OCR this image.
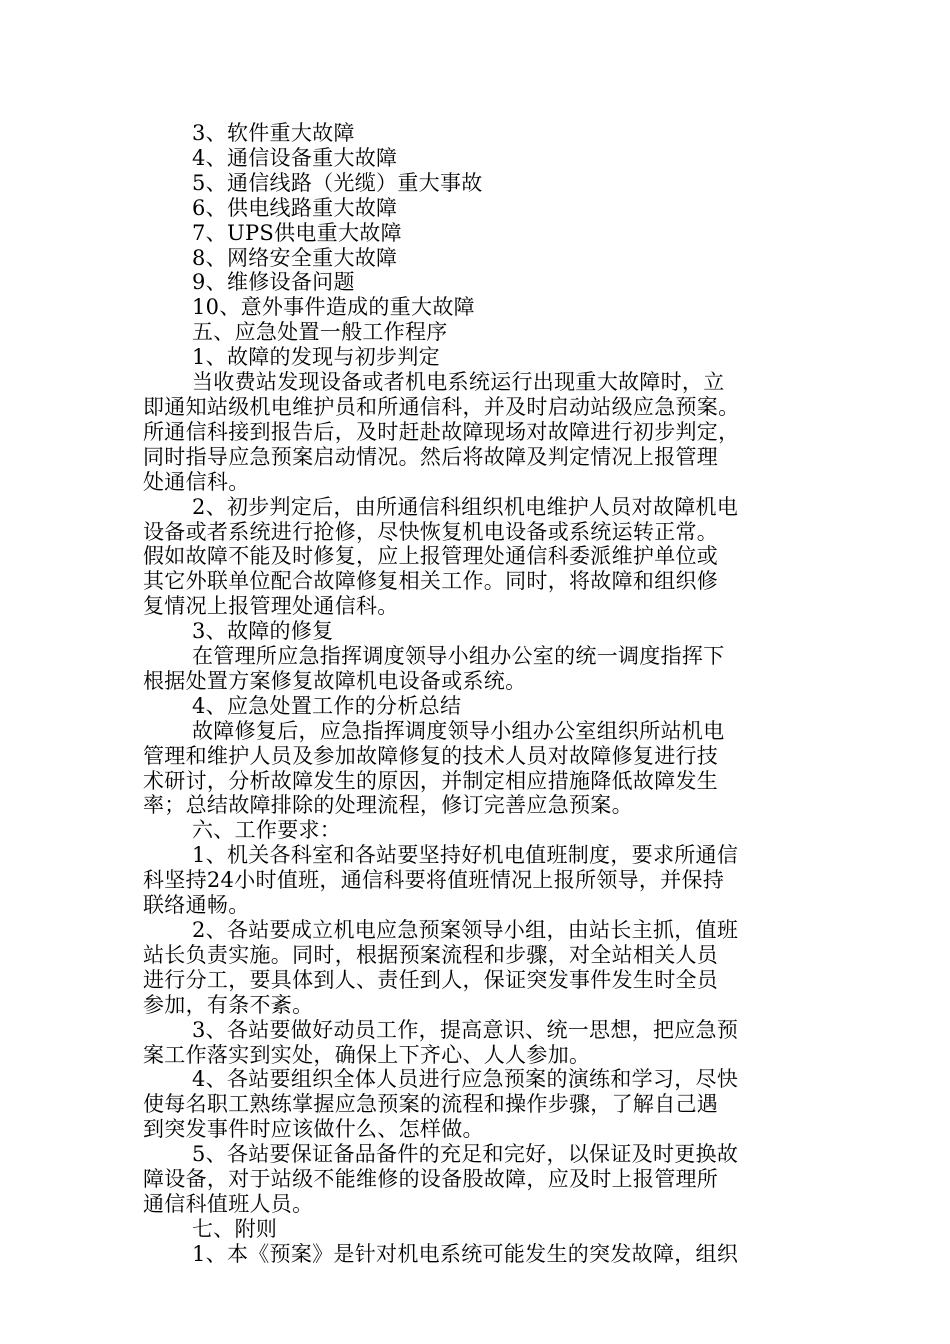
3、软件重大故障
4、通信设备重大故障
5、通信线路（光缆）重大事故
6、供电线路重大故障
7、UPS供电重大故障
8、网络安全重大故障
9、维修设备问题
10、意外事件造成的重大故障
五、应急处置一般工作程序
1、故障的发现与初步判定
当收费站发现设备或者机电系统运行出现重大故障时，立
即通知站级机电维护员和所通信科，并及时启动站级应急预案。
所通信科接到报告后，及时赶赴故障现场对故障进行初步判定，
同时指导应急预案启动情况。然后将故障及判定情况上报管理
处通信科。
2、初步判定后，由所通信科组织机电维护人员对故障机电
设备或者系统进行抢修，尽快恢复机电设备或系统运转正常。
假如故障不能及时修复，应上报管理处通信科委派维护单位或
其它外联单位配合故障修复相关工作。同时，将故障和组织修
复情况上报管理处通信科。
3、故障的修复
在管理所应急指挥调度领导小组办公室的统一调度指挥下
根据处置方案修复故障机电设备或系统。
4、应急处置工作的分析总结
故障修复后，应急指挥调度领导小组办公室组织所站机电
管理和维护人员及参加故障修复的技术人员对故障修复进行技
术研讨，分析故障发生的原因，并制定相应措施降低故障发生
率；总结故障排除的处理流程，修订完善应急预案。
六、工作要求：
1、机关各科室和各站要坚持好机电值班制度，要求所通信
科坚持24小时值班，通信科要将值班情况上报所领导，并保持
联络通畅。
2、各站要成立机电应急预案领导小组，由站长主抓，值班
站长负责实施。同时，根据预案流程和步骤，对全站相关人员
进行分工，要具体到人、责任到人，保证突发事件发生时全员
参加，有条不紊。
3、各站要做好动员工作，提高意识、统一思想，把应急预
案工作落实到实处，确保上下齐心、人人参加。
4、各站要组织全体人员进行应急预案的演练和学习，尽快
使每名职工熟练掌握应急预案的流程和操作步骤，了解自己遇
到突发事件时应该做什么、怎样做。
5、各站要保证备品备件的充足和完好，以保证及时更换故
障设备，对于站级不能维修的设备股故障，应及时上报管理所
通信科值班人员。
七、附则
1、本《预案》是针对机电系统可能发生的突发故障，组织
